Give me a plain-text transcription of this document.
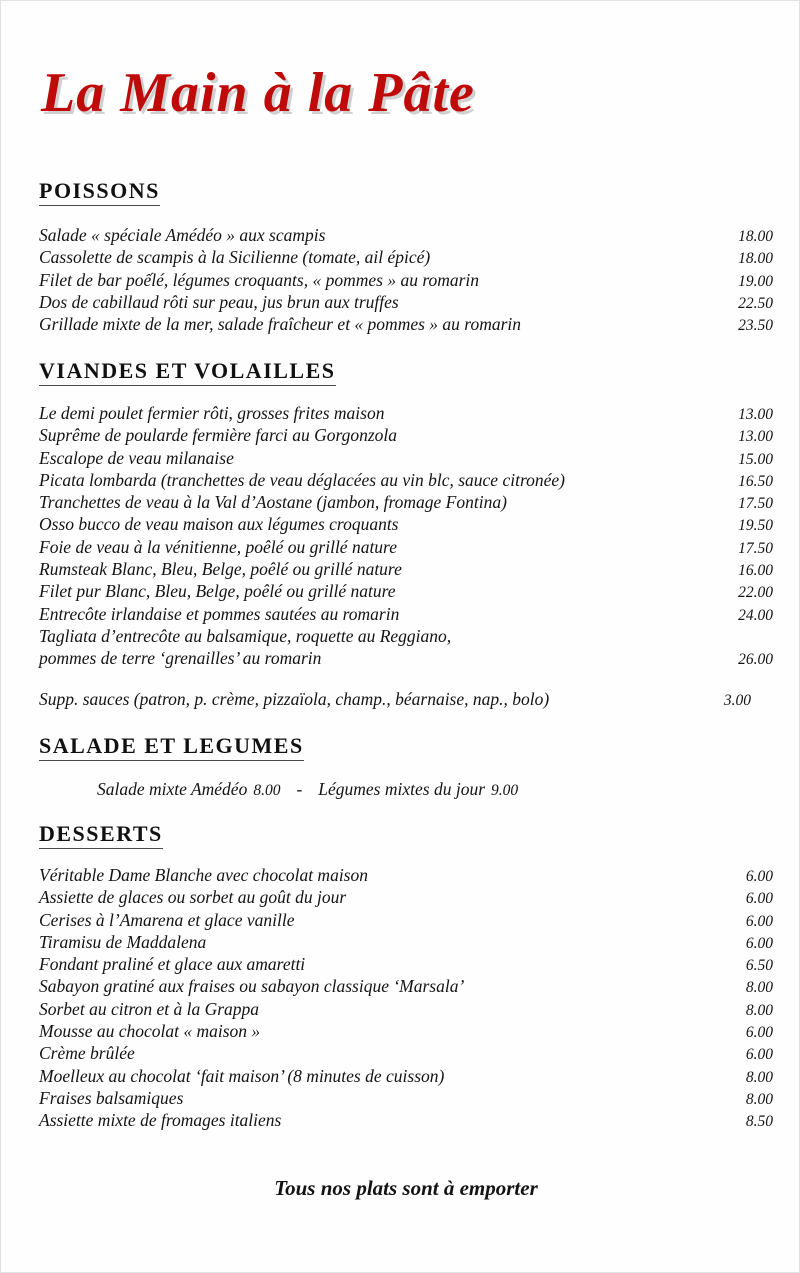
La Main à la Pâte
POISSONS
Salade « spéciale Amédéo » aux scampis	18.00
Cassolette de scampis à la Sicilienne (tomate, ail épicé)	18.00
Filet de bar poếlé, légumes croquants, « pommes » au romarin	19.00
Dos de cabillaud rôti sur peau, jus brun aux truffes	22.50
Grillade mixte de la mer, salade fraîcheur et « pommes » au romarin	23.50
VIANDES ET VOLAILLES
Le demi poulet fermier rôti, grosses frites maison	13.00
Suprême de poularde fermière farci au Gorgonzola	13.00
Escalope de veau milanaise	15.00
Picata lombarda (tranchettes de veau déglacées au vin blc, sauce citronée)	16.50
Tranchettes de veau à la Val d’Aostane (jambon, fromage Fontina)	17.50
Osso bucco de veau maison aux légumes croquants	19.50
Foie de veau à la vénitienne, poêlé ou grillé nature	17.50
Rumsteak Blanc, Bleu, Belge, poêlé ou grillé nature	16.00
Filet pur Blanc, Bleu, Belge, poêlé ou grillé nature	22.00
Entrecôte irlandaise et pommes sautées au romarin	24.00
Tagliata d’entrecôte au balsamique, roquette au Reggiano,
pommes de terre ‘grenailles’ au romarin	26.00
Supp. sauces (patron, p. crème, pizzaïola, champ., béarnaise, nap., bolo)	3.00
SALADE ET LEGUMES
Salade mixte Amédéo 8.00 - Légumes mixtes du jour 9.00
DESSERTS
Véritable Dame Blanche avec chocolat maison	6.00
Assiette de glaces ou sorbet au goût du jour	6.00
Cerises à l’Amarena et glace vanille	6.00
Tiramisu de Maddalena	6.00
Fondant praliné et glace aux amaretti	6.50
Sabayon gratiné aux fraises ou sabayon classique ‘Marsala’	8.00
Sorbet au citron et à la Grappa	8.00
Mousse au chocolat « maison »	6.00
Crème brûlée	6.00
Moelleux au chocolat ‘fait maison’ (8 minutes de cuisson)	8.00
Fraises balsamiques	8.00
Assiette mixte de fromages italiens	8.50
Tous nos plats sont à emporter
